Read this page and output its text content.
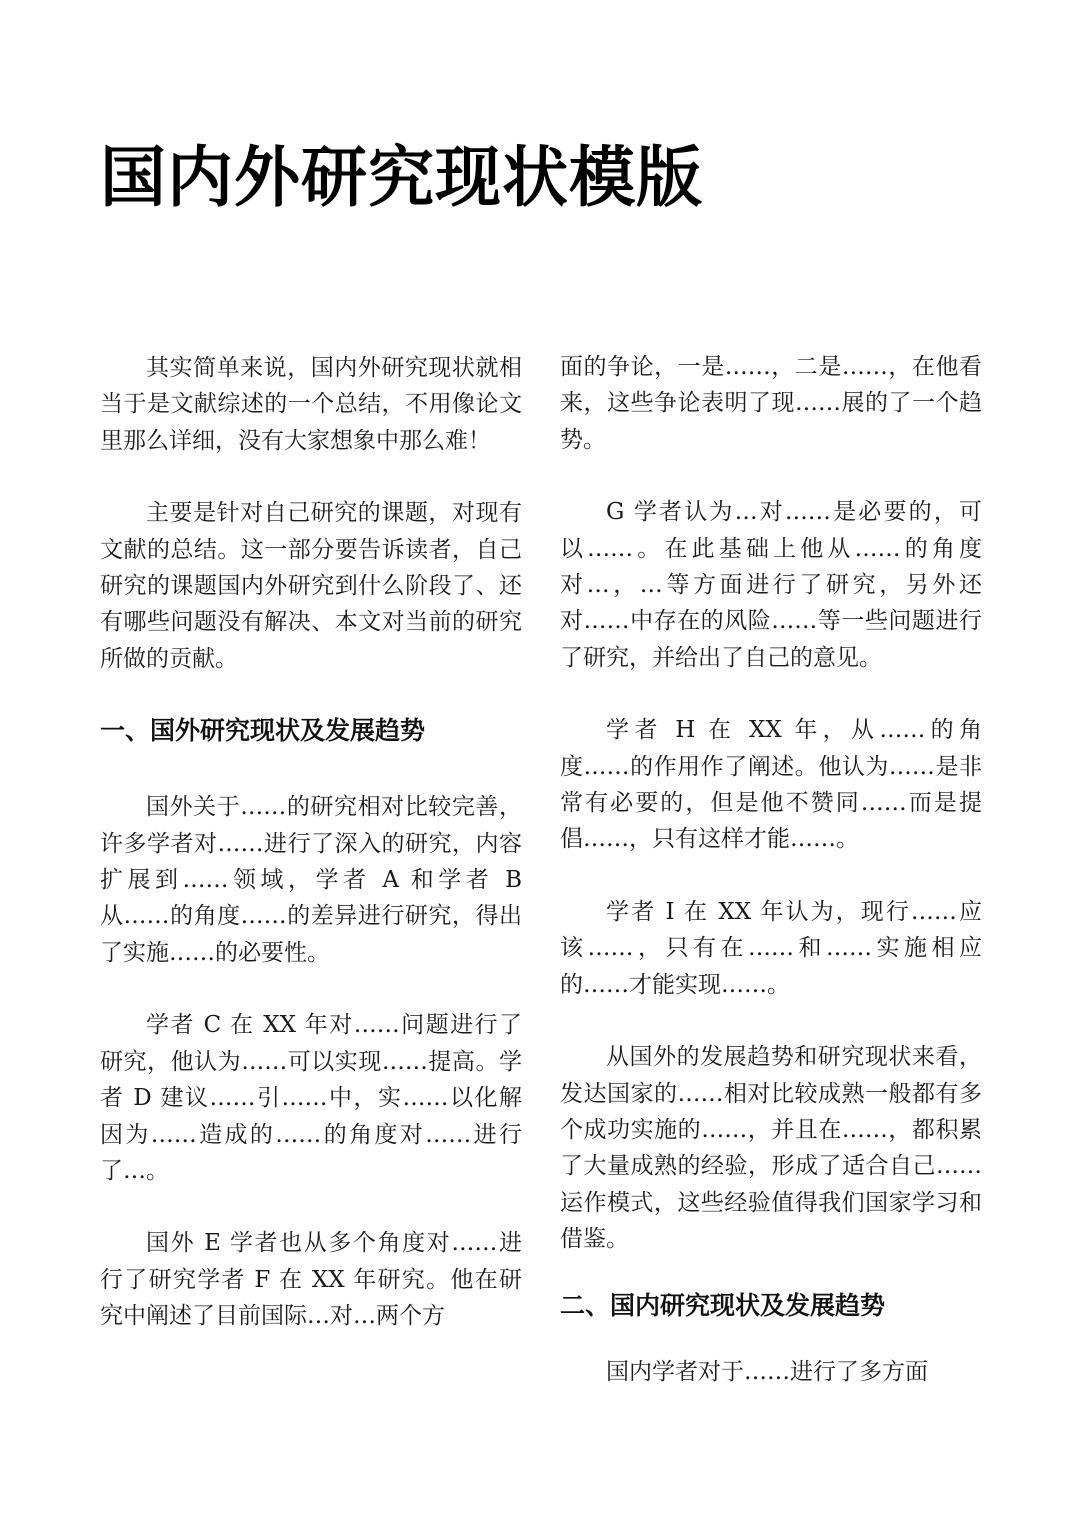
国内外研究现状模版

其实简单来说，国内外研究现状就相当于是文献综述的一个总结，不用像论文里那么详细，没有大家想象中那么难！

主要是针对自己研究的课题，对现有文献的总结。这一部分要告诉读者，自己研究的课题国内外研究到什么阶段了、还有哪些问题没有解决、本文对当前的研究所做的贡献。

一、国外研究现状及发展趋势

国外关于……的研究相对比较完善，许多学者对……进行了深入的研究，内容扩展到……领域，学者 A 和学者 B 从……的角度……的差异进行研究，得出了实施……的必要性。

学者 C 在 XX 年对……问题进行了研究，他认为……可以实现……提高。学者 D 建议……引……中，实……以化解因为……造成的……的角度对……进行了…。

国外 E 学者也从多个角度对……进行了研究学者 F 在 XX 年研究。他在研究中阐述了目前国际…对…两个方

面的争论，一是……，二是……，在他看来，这些争论表明了现……展的了一个趋势。

G 学者认为…对……是必要的，可以……。在此基础上他从……的角度对…，…等方面进行了研究，另外还对……中存在的风险……等一些问题进行了研究，并给出了自己的意见。

学者 H 在 XX 年，从……的角度……的作用作了阐述。他认为……是非常有必要的，但是他不赞同……而是提倡……，只有这样才能……。

学者 I 在 XX 年认为，现行……应该……，只有在……和……实施相应的……才能实现……。

从国外的发展趋势和研究现状来看，发达国家的……相对比较成熟一般都有多个成功实施的……，并且在……，都积累了大量成熟的经验，形成了适合自己……运作模式，这些经验值得我们国家学习和借鉴。

二、国内研究现状及发展趋势

国内学者对于……进行了多方面
